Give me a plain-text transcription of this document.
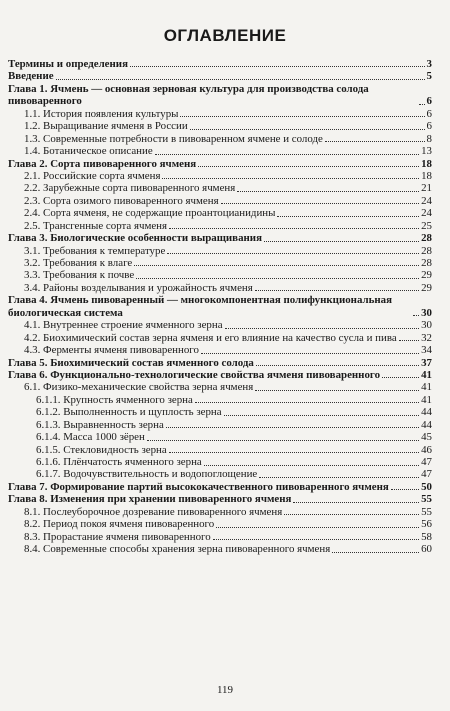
ОГЛАВЛЕНИЕ
Термины и определения	3
Введение	5
Глава 1. Ячмень — основная зерновая культура для производства солода пивоваренного	6
1.1. История появления культуры	6
1.2. Выращивание ячменя в России	6
1.3. Современные потребности в пивоваренном ячмене и солоде	8
1.4. Ботаническое описание	13
Глава 2. Сорта пивоваренного ячменя	18
2.1. Российские сорта ячменя	18
2.2. Зарубежные сорта пивоваренного ячменя	21
2.3. Сорта озимого пивоваренного ячменя	24
2.4. Сорта ячменя, не содержащие проантоцианидины	24
2.5. Трансгенные сорта ячменя	25
Глава 3. Биологические особенности выращивания	28
3.1. Требования к температуре	28
3.2. Требования к влаге	28
3.3. Требования к почве	29
3.4. Районы возделывания и урожайность ячменя	29
Глава 4. Ячмень пивоваренный — многокомпонентная полифункциональная биологическая система	30
4.1. Внутреннее строение ячменного зерна	30
4.2. Биохимический состав зерна ячменя и его влияние на качество сусла и пива 32
4.3. Ферменты ячменя пивоваренного	34
Глава 5. Биохимический состав ячменного солода	37
Глава 6. Функционально-технологические свойства ячменя пивоваренного	41
6.1. Физико-механические свойства зерна ячменя	41
6.1.1. Крупность ячменного зерна	41
6.1.2. Выполненность и щуплость зерна	44
6.1.3. Выравненность зерна	44
6.1.4. Масса 1000 зёрен	45
6.1.5. Стекловидность зерна	46
6.1.6. Плёнчатость ячменного зерна	47
6.1.7. Водочувствительность и водопоглощение	47
Глава 7. Формирование партий высококачественного пивоваренного ячменя	50
Глава 8. Изменения при хранении пивоваренного ячменя	55
8.1. Послеуборочное дозревание пивоваренного ячменя	55
8.2. Период покоя ячменя пивоваренного	56
8.3. Прорастание ячменя пивоваренного	58
8.4. Современные способы хранения зерна пивоваренного ячменя	60
119
